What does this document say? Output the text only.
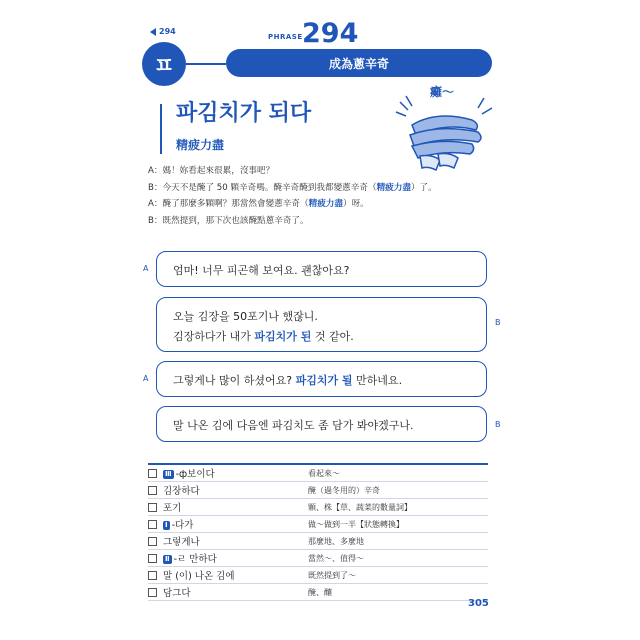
294
PHRASE 294
ㅍ	成為蔥辛奇
파김치가 되다
精疲力盡
癱～
A：媽！妳看起來很累，沒事吧？
B：今天不是醃了 50 顆辛奇嗎。醃辛奇醃到我都變蔥辛奇（精疲力盡）了。
A：醃了那麼多顆啊？那當然會變蔥辛奇（精疲力盡）呀。
B：既然提到，那下次也該醃點蔥辛奇了。
A 엄마! 너무 피곤해 보여요. 괜찮아요?
B
오늘 김장을 50포기나 했잖니.
김장하다가 내가 파김치가 된 것 같아.
A 그렇게나 많이 하셨어요? 파김치가 될 만하네요.
B
말 나온 김에 다음엔 파김치도 좀 담가 봐야겠구나.
Ⅲ -ф보이다	看起來～
김장하다	醃（過冬用的）辛奇
포기	顆、株【草、蔬菜的數量詞】
Ⅰ -다가	做～做到一半【狀態轉換】
그렇게나	那麼地、多麼地
Ⅱ -ㄹ 만하다	當然～、值得～
말 (이) 나온 김에	既然提到了～
담그다	醃、釀
305
